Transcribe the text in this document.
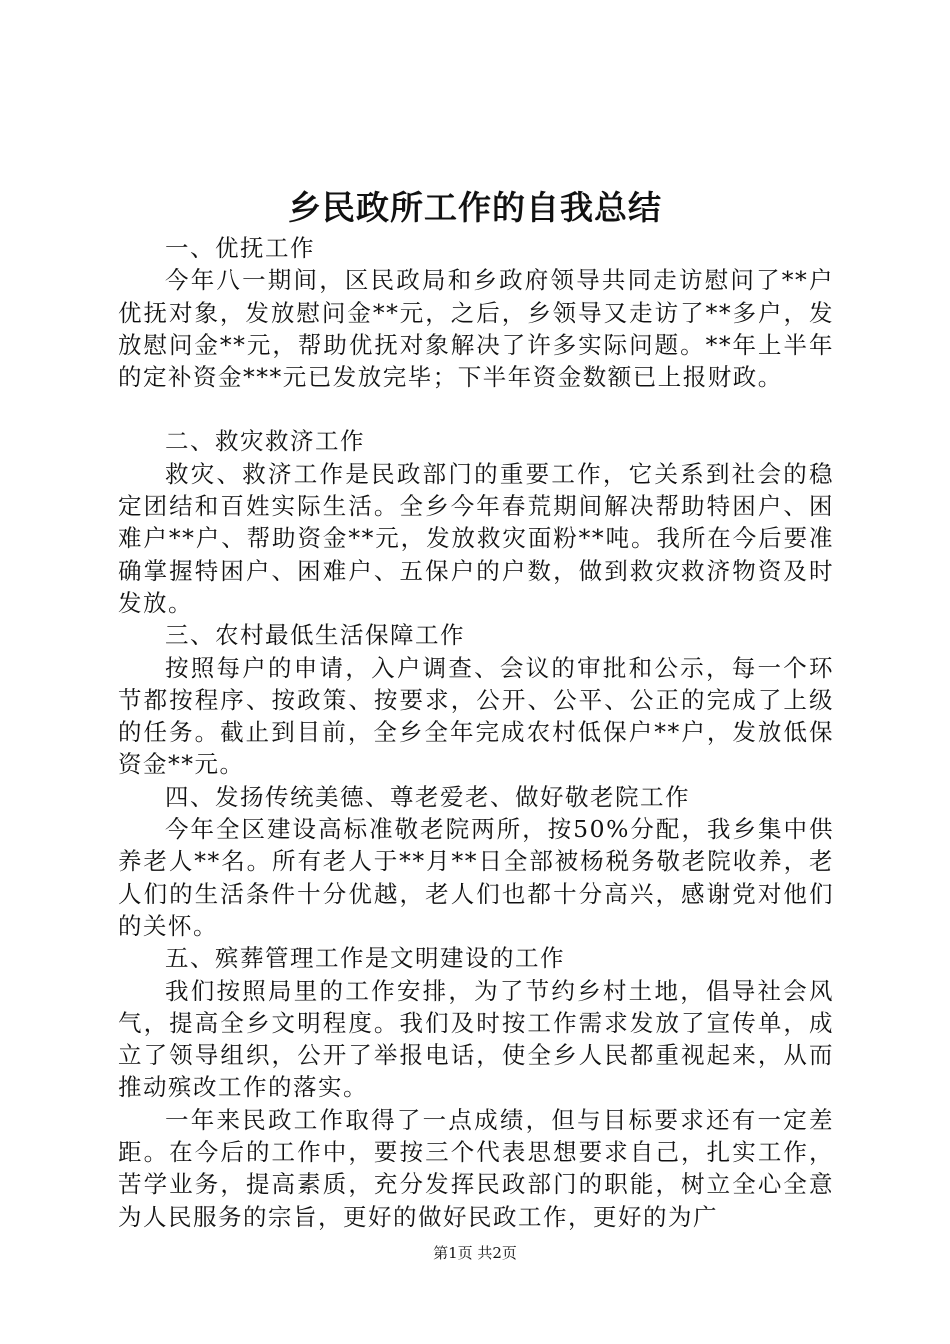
乡民政所工作的自我总结

一、优抚工作

今年八一期间，区民政局和乡政府领导共同走访慰问了**户优抚对象，发放慰问金**元，之后，乡领导又走访了**多户，发放慰问金**元，帮助优抚对象解决了许多实际问题。**年上半年的定补资金***元已发放完毕；下半年资金数额已上报财政。

二、救灾救济工作

救灾、救济工作是民政部门的重要工作，它关系到社会的稳定团结和百姓实际生活。全乡今年春荒期间解决帮助特困户、困难户**户、帮助资金**元，发放救灾面粉**吨。我所在今后要准确掌握特困户、困难户、五保户的户数，做到救灾救济物资及时发放。

三、农村最低生活保障工作

按照每户的申请，入户调查、会议的审批和公示，每一个环节都按程序、按政策、按要求，公开、公平、公正的完成了上级的任务。截止到目前，全乡全年完成农村低保户**户，发放低保资金**元。

四、发扬传统美德、尊老爱老、做好敬老院工作

今年全区建设高标准敬老院两所，按50%分配，我乡集中供养老人**名。所有老人于**月**日全部被杨税务敬老院收养，老人们的生活条件十分优越，老人们也都十分高兴，感谢党对他们的关怀。

五、殡葬管理工作是文明建设的工作

我们按照局里的工作安排，为了节约乡村土地，倡导社会风气，提高全乡文明程度。我们及时按工作需求发放了宣传单，成立了领导组织，公开了举报电话，使全乡人民都重视起来，从而推动殡改工作的落实。

一年来民政工作取得了一点成绩，但与目标要求还有一定差距。在今后的工作中，要按三个代表思想要求自己，扎实工作，苦学业务，提高素质，充分发挥民政部门的职能，树立全心全意为人民服务的宗旨，更好的做好民政工作，更好的为广

第1页 共2页
